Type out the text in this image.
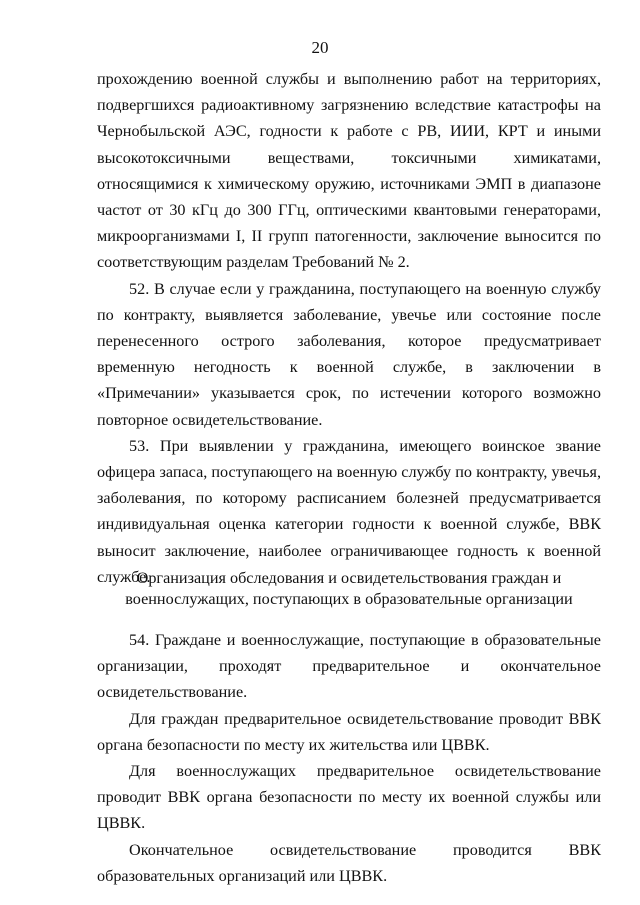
20

прохождению военной службы и выполнению работ на территориях, подвергшихся радиоактивному загрязнению вследствие катастрофы на Чернобыльской АЭС, годности к работе с РВ, ИИИ, КРТ и иными высокотоксичными веществами, токсичными химикатами, относящимися к химическому оружию, источниками ЭМП в диапазоне частот от 30 кГц до 300 ГГц, оптическими квантовыми генераторами, микроорганизмами I, II групп патогенности, заключение выносится по соответствующим разделам Требований № 2.

52. В случае если у гражданина, поступающего на военную службу по контракту, выявляется заболевание, увечье или состояние после перенесенного острого заболевания, которое предусматривает временную негодность к военной службе, в заключении в «Примечании» указывается срок, по истечении которого возможно повторное освидетельствование.

53. При выявлении у гражданина, имеющего воинское звание офицера запаса, поступающего на военную службу по контракту, увечья, заболевания, по которому расписанием болезней предусматривается индивидуальная оценка категории годности к военной службе, ВВК выносит заключение, наиболее ограничивающее годность к военной службе.

Организация обследования и освидетельствования граждан и
военнослужащих, поступающих в образовательные организации

54. Граждане и военнослужащие, поступающие в образовательные организации, проходят предварительное и окончательное освидетельствование.

Для граждан предварительное освидетельствование проводит ВВК органа безопасности по месту их жительства или ЦВВК.

Для военнослужащих предварительное освидетельствование проводит ВВК органа безопасности по месту их военной службы или ЦВВК.

Окончательное освидетельствование проводится ВВК образовательных организаций или ЦВВК.
